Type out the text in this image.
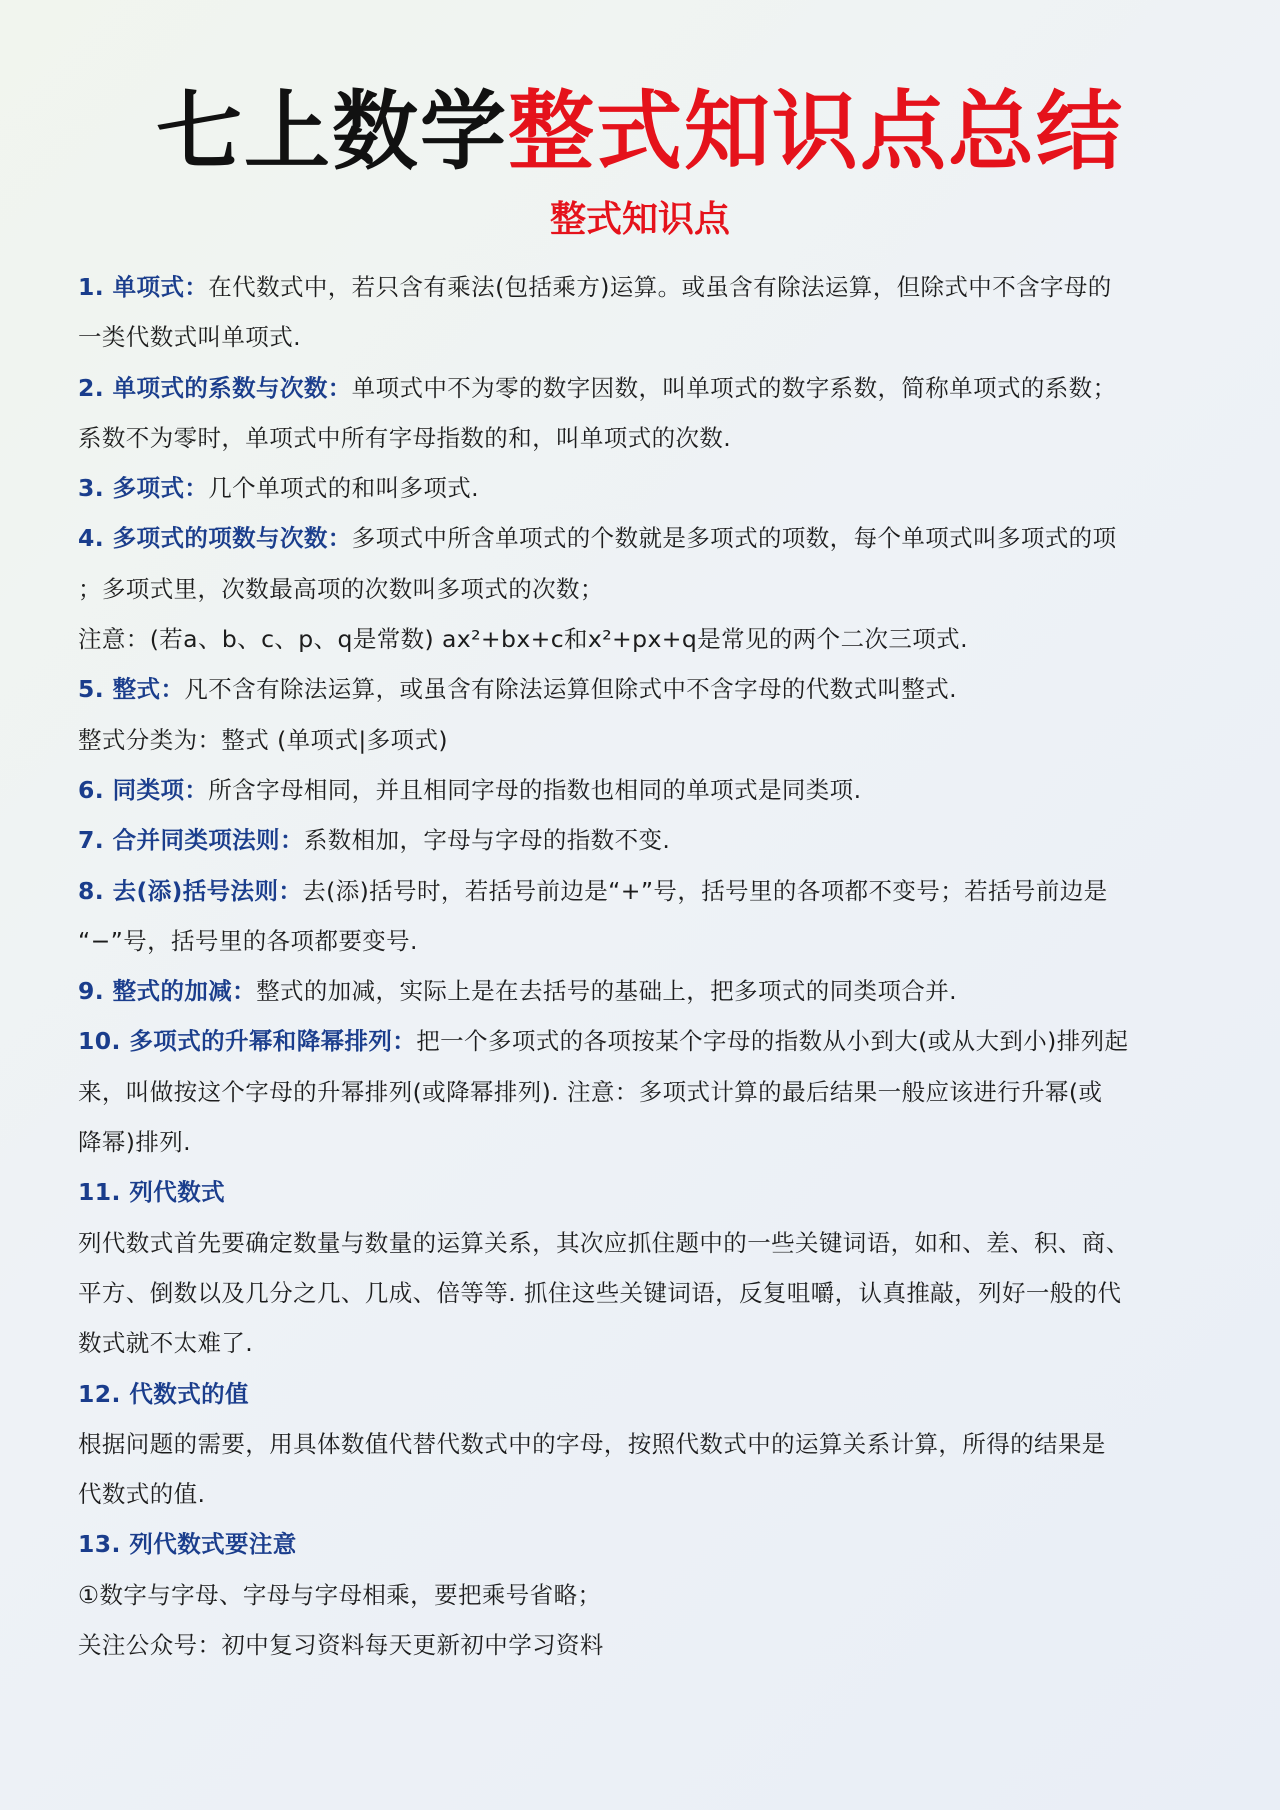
七上数学整式知识点总结
整式知识点
1. 单项式：在代数式中，若只含有乘法(包括乘方)运算。或虽含有除法运算，但除式中不含字母的
一类代数式叫单项式.
2. 单项式的系数与次数：单项式中不为零的数字因数，叫单项式的数字系数，简称单项式的系数；
系数不为零时，单项式中所有字母指数的和，叫单项式的次数.
3. 多项式：几个单项式的和叫多项式.
4. 多项式的项数与次数：多项式中所含单项式的个数就是多项式的项数，每个单项式叫多项式的项
；多项式里，次数最高项的次数叫多项式的次数；
注意：(若a、b、c、p、q是常数) ax²+bx+c和x²+px+q是常见的两个二次三项式.
5. 整式：凡不含有除法运算，或虽含有除法运算但除式中不含字母的代数式叫整式.
整式分类为：整式 (单项式|多项式)
6. 同类项：所含字母相同，并且相同字母的指数也相同的单项式是同类项.
7. 合并同类项法则：系数相加，字母与字母的指数不变.
8. 去(添)括号法则：去(添)括号时，若括号前边是“+”号，括号里的各项都不变号；若括号前边是
“−”号，括号里的各项都要变号.
9. 整式的加减：整式的加减，实际上是在去括号的基础上，把多项式的同类项合并.
10. 多项式的升幂和降幂排列：把一个多项式的各项按某个字母的指数从小到大(或从大到小)排列起
来，叫做按这个字母的升幂排列(或降幂排列). 注意：多项式计算的最后结果一般应该进行升幂(或
降幂)排列.
11. 列代数式
列代数式首先要确定数量与数量的运算关系，其次应抓住题中的一些关键词语，如和、差、积、商、
平方、倒数以及几分之几、几成、倍等等. 抓住这些关键词语，反复咀嚼，认真推敲，列好一般的代
数式就不太难了.
12. 代数式的值
根据问题的需要，用具体数值代替代数式中的字母，按照代数式中的运算关系计算，所得的结果是
代数式的值.
13. 列代数式要注意
①数字与字母、字母与字母相乘，要把乘号省略；
关注公众号：初中复习资料每天更新初中学习资料
